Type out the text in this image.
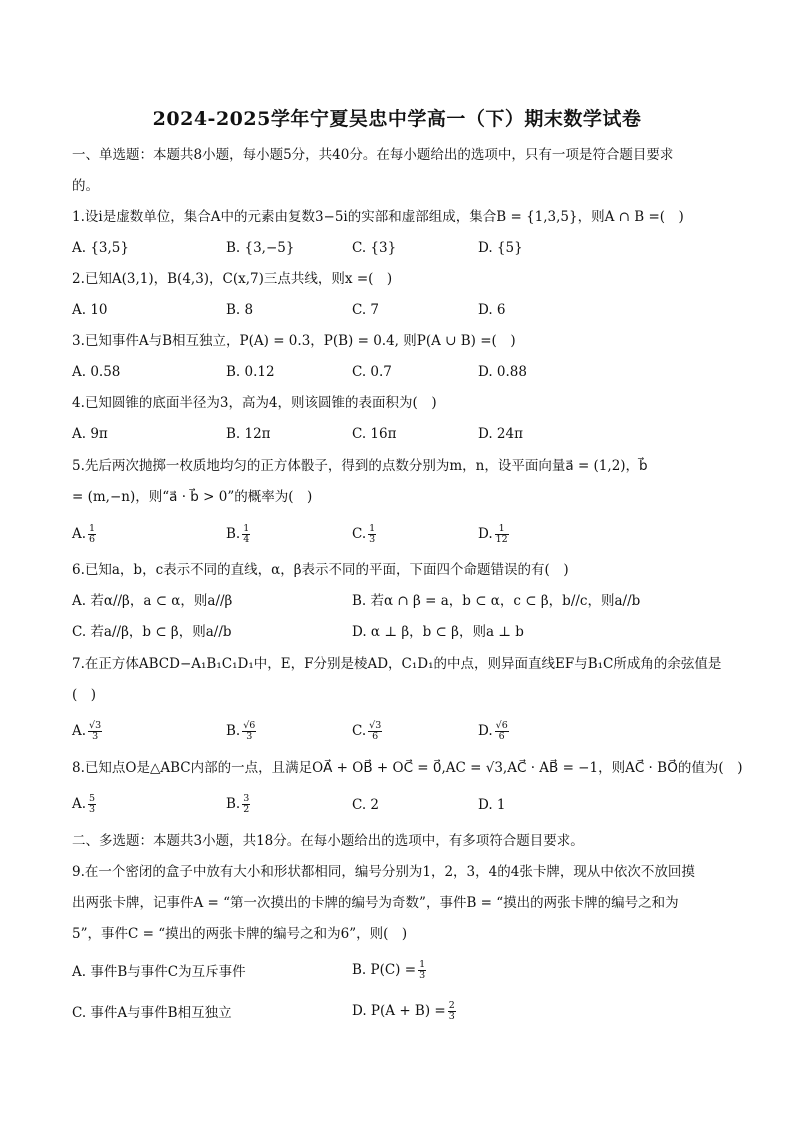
2024-2025学年宁夏吴忠中学高一（下）期末数学试卷
一、单选题：本题共8小题，每小题5分，共40分。在每小题给出的选项中，只有一项是符合题目要求
的。
1.设i是虚数单位，集合A中的元素由复数3−5i的实部和虚部组成，集合B = {1,3,5}，则A ∩ B =(　)
A. {3,5}	B. {3,−5}	C. {3}	D. {5}
2.已知A(3,1)，B(4,3)，C(x,7)三点共线，则x =(　)
A. 10	B. 8	C. 7	D. 6
3.已知事件A与B相互独立，P(A) = 0.3，P(B) = 0.4, 则P(A ∪ B) =(　)
A. 0.58	B. 0.12	C. 0.7	D. 0.88
4.已知圆锥的底面半径为3，高为4，则该圆锥的表面积为(　)
A. 9π	B. 12π	C. 16π	D. 24π
5.先后两次抛掷一枚质地均匀的正方体骰子，得到的点数分别为m，n，设平面向量a⃗ = (1,2)，b⃗
= (m,−n)，则“a⃗ · b⃗ > 0”的概率为(　)
A. $\frac{1}{6}$	B. $\frac{1}{4}$	C. $\frac{1}{3}$	D. $\frac{1}{12}$
6.已知a，b，c表示不同的直线，α，β表示不同的平面，下面四个命题错误的有(　)
A. 若α//β，a ⊂ α，则a//β	B. 若α ∩ β = a，b ⊂ α，c ⊂ β，b//c，则a//b
C. 若a//β，b ⊂ β，则a//b	D. α ⊥ β，b ⊂ β，则a ⊥ b
7.在正方体ABCD−A₁B₁C₁D₁中，E，F分别是棱AD，C₁D₁的中点，则异面直线EF与B₁C所成角的余弦值是
(　)
A. $\frac{√3}{3}$	B. $\frac{√6}{3}$	C. $\frac{√3}{6}$	D. $\frac{√6}{6}$
8.已知点O是△ABC内部的一点，且满足OA⃗ + OB⃗ + OC⃗ = 0⃗,AC = √3,AC⃗ · AB⃗ = −1，则AC⃗ · BO⃗的值为(　)
A. $\frac{5}{3}$	B. $\frac{3}{2}$	C. 2	D. 1
二、多选题：本题共3小题，共18分。在每小题给出的选项中，有多项符合题目要求。
9.在一个密闭的盒子中放有大小和形状都相同，编号分别为1，2，3，4的4张卡牌，现从中依次不放回摸
出两张卡牌，记事件A = “第一次摸出的卡牌的编号为奇数”，事件B = “摸出的两张卡牌的编号之和为
5”，事件C = “摸出的两张卡牌的编号之和为6”，则(　)
A. 事件B与事件C为互斥事件	B. $P(C) = \frac{1}{3}$
C. 事件A与事件B相互独立	D. $P(A + B) = \frac{2}{3}$
